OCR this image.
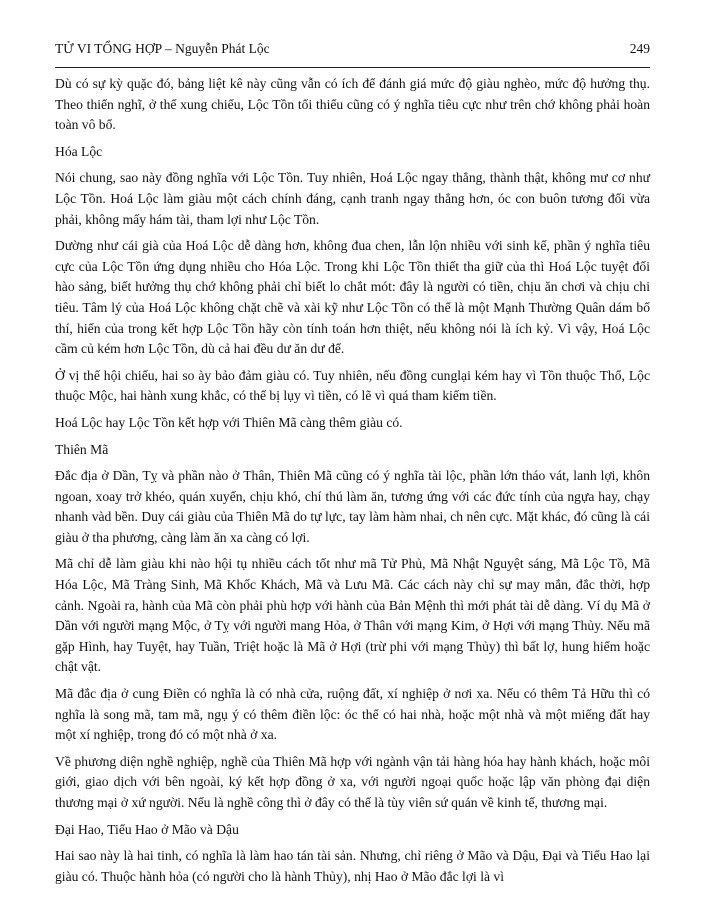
TỬ VI TỔNG HỢP – Nguyễn Phát Lộc	249

Dù có sự kỳ quặc đó, bảng liệt kê này cũng vẫn có ích để đánh giá mức độ giàu nghèo, mức độ hưởng thụ. Theo thiển nghĩ, ở thế xung chiếu, Lộc Tồn tối thiểu cũng có ý nghĩa tiêu cực như trên chớ không phải hoàn toàn vô bổ.

Hóa Lộc

Nói chung, sao này đồng nghĩa với Lộc Tồn. Tuy nhiên, Hoá Lộc ngay thẳng, thành thật, không mư cơ như Lộc Tồn. Hoá Lộc làm giàu một cách chính đáng, cạnh tranh ngay thẳng hơn, óc con buôn tương đối vừa phải, không mấy hám tài, tham lợi như Lộc Tồn.

Dường như cái già của Hoá Lộc dễ dàng hơn, không đua chen, lẫn lộn nhiều với sinh kế, phần ý nghĩa tiêu cực của Lộc Tồn ứng dụng nhiều cho Hóa Lộc. Trong khi Lộc Tồn thiết tha giữ của thì Hoá Lộc tuyệt đối hào sảng, biết hưởng thụ chớ không phải chỉ biết lo chắt mót: đây là người có tiền, chịu ăn chơi và chịu chi tiêu. Tâm lý của Hoá Lộc không chặt chẽ và xài kỹ như Lộc Tồn có thể là một Mạnh Thường Quân dám bố thí, hiến của trong kết hợp Lộc Tồn hãy còn tính toán hơn thiệt, nếu không nói là ích kỷ. Vì vậy, Hoá Lộc cầm củ kém hơn Lộc Tồn, dù cả hai đều dư ăn dư để.

Ở vị thế hội chiếu, hai so ày bảo đảm giàu có. Tuy nhiên, nếu đồng cunglại kém hay vì Tồn thuộc Thổ, Lộc thuộc Mộc, hai hành xung khắc, có thể bị lụy vì tiền, có lẽ vì quá tham kiếm tiền.

Hoá Lộc hay Lộc Tồn kết hợp với Thiên Mã càng thêm giàu có.

Thiên Mã

Đắc địa ở Dần, Tỵ và phần nào ở Thân, Thiên Mã cũng có ý nghĩa tài lộc, phần lớn tháo vát, lanh lợi, khôn ngoan, xoay trở khéo, quán xuyến, chịu khó, chí thú làm ăn, tương ứng với các đức tính của ngựa hay, chạy nhanh vàd bền. Duy cái giàu của Thiên Mã do tự lực, tay làm hàm nhai, ch nên cực. Mặt khác, đó cũng là cái giàu ở tha phương, càng làm ăn xa càng có lợi.

Mã chỉ dễ làm giàu khi nào hội tụ nhiều cách tốt như mã Tử Phủ, Mã Nhật Nguyệt sáng, Mã Lộc Tồ, Mã Hóa Lộc, Mã Tràng Sinh, Mã Khốc Khách, Mã và Lưu Mã. Các cách này chỉ sự may mắn, đắc thời, hợp cảnh. Ngoài ra, hành của Mã còn phải phù hợp với hành của Bản Mệnh thì mới phát tài dễ dàng. Ví dụ Mã ở Dần với người mạng Mộc, ở Tỵ với người mang Hỏa, ở Thân với mạng Kim, ở Hợi với mạng Thủy. Nếu mã gặp Hình, hay Tuyệt, hay Tuần, Triệt hoặc là Mã ở Hợi (trừ phi với mạng Thủy) thì bất lợ, hung hiểm hoặc chật vật.

Mã đắc địa ở cung Điền có nghĩa là có nhà cửa, ruộng đất, xí nghiệp ở nơi xa. Nếu có thêm Tả Hữu thì có nghĩa là song mã, tam mã, ngụ ý có thêm điền lộc: óc thể có hai nhà, hoặc một nhà và một miếng đất hay một xí nghiệp, trong đó có một nhà ở xa.

Về phương diện nghề nghiệp, nghề của Thiên Mã hợp với ngành vận tải hàng hóa hay hành khách, hoặc môi giới, giao dịch với bên ngoài, ký kết hợp đồng ở xa, với người ngoại quốc hoặc lập văn phòng đại diện thương mại ở xứ người. Nếu là nghề công thì ở đây có thể là tùy viên sứ quán về kinh tế, thương mại.

Đại Hao, Tiểu Hao ở Mão và Dậu

Hai sao này là hai tinh, có nghĩa là làm hao tán tài sản. Nhưng, chỉ riêng ở Mão và Dậu, Đại và Tiểu Hao lại giàu có. Thuộc hành hỏa (có người cho là hành Thủy), nhị Hao ở Mão đắc lợi là vì
